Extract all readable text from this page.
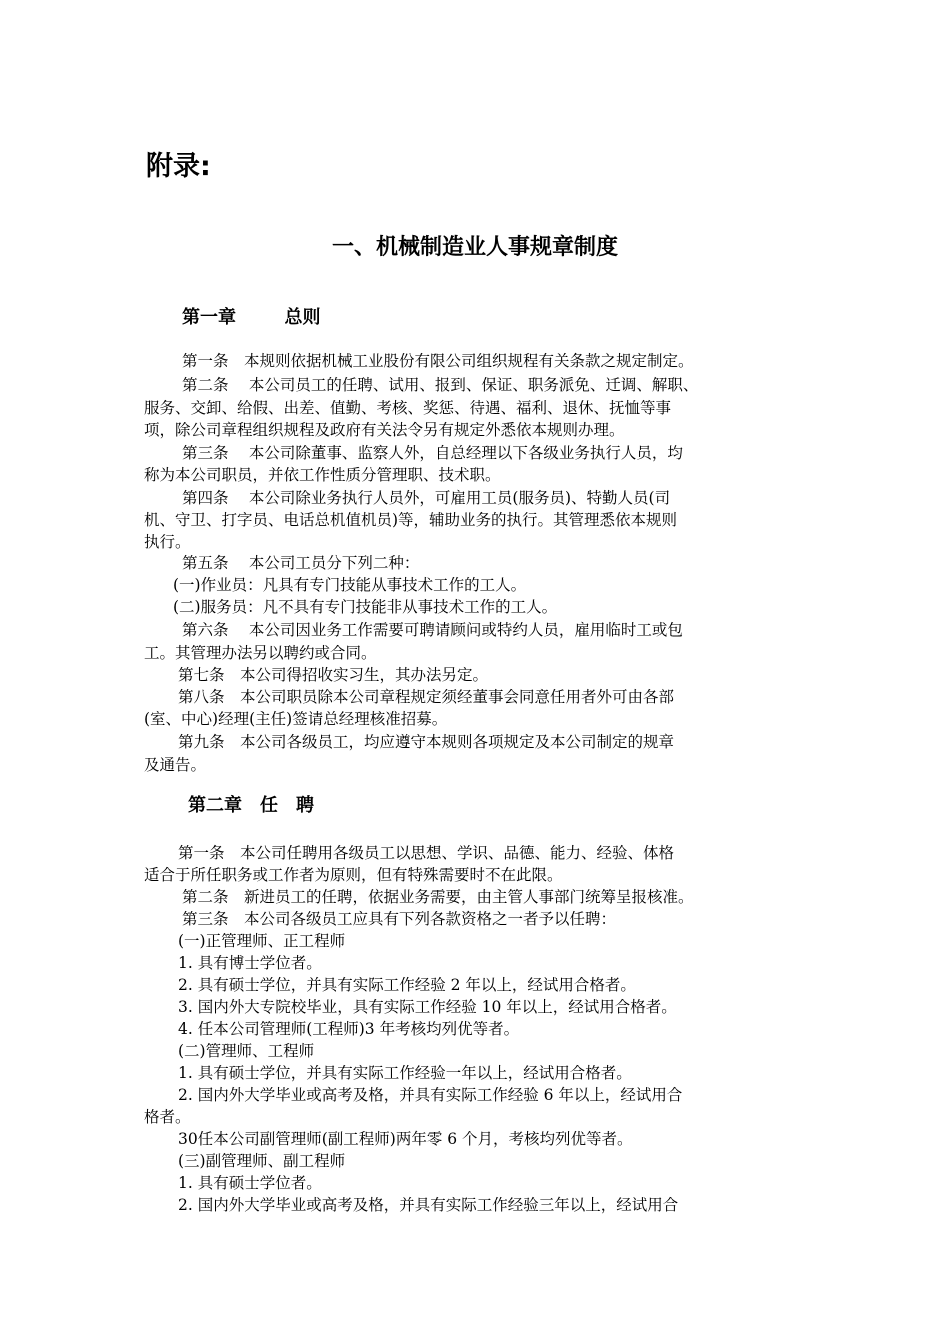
附录:
一、机械制造业人事规章制度
第一章　　  总则
第一条　本规则依据机械工业股份有限公司组织规程有关条款之规定制定。
第二条　 本公司员工的任聘、试用、报到、保证、职务派免、迁调、解职、
服务、交卸、给假、出差、值勤、考核、奖惩、待遇、福利、退休、抚恤等事
项，除公司章程组织规程及政府有关法令另有规定外悉依本规则办理。
第三条　 本公司除董事、监察人外，自总经理以下各级业务执行人员，均
称为本公司职员，并依工作性质分管理职、技术职。
第四条　 本公司除业务执行人员外，可雇用工员(服务员)、特勤人员(司
机、守卫、打字员、电话总机值机员)等，辅助业务的执行。其管理悉依本规则
执行。
第五条　 本公司工员分下列二种：
(一)作业员：凡具有专门技能从事技术工作的工人。
(二)服务员：凡不具有专门技能非从事技术工作的工人。
第六条　 本公司因业务工作需要可聘请顾问或特约人员，雇用临时工或包
工。其管理办法另以聘约或合同。
第七条　本公司得招收实习生，其办法另定。
第八条　本公司职员除本公司章程规定须经董事会同意任用者外可由各部
(室、中心)经理(主任)签请总经理核准招募。
第九条　本公司各级员工，均应遵守本规则各项规定及本公司制定的规章
及通告。
第二章　任　聘
第一条　本公司任聘用各级员工以思想、学识、品德、能力、经验、体格
适合于所任职务或工作者为原则，但有特殊需要时不在此限。
第二条　新进员工的任聘，依据业务需要，由主管人事部门统筹呈报核准。
第三条　本公司各级员工应具有下列各款资格之一者予以任聘：
(一)正管理师、正工程师
1. 具有博士学位者。
2. 具有硕士学位，并具有实际工作经验 2 年以上，经试用合格者。
3. 国内外大专院校毕业，具有实际工作经验 10 年以上，经试用合格者。
4. 任本公司管理师(工程师)3 年考核均列优等者。
(二)管理师、工程师
1. 具有硕士学位，并具有实际工作经验一年以上，经试用合格者。
2. 国内外大学毕业或高考及格，并具有实际工作经验 6 年以上，经试用合
格者。
30任本公司副管理师(副工程师)两年零 6 个月，考核均列优等者。
(三)副管理师、副工程师
1. 具有硕士学位者。
2. 国内外大学毕业或高考及格，并具有实际工作经验三年以上，经试用合
